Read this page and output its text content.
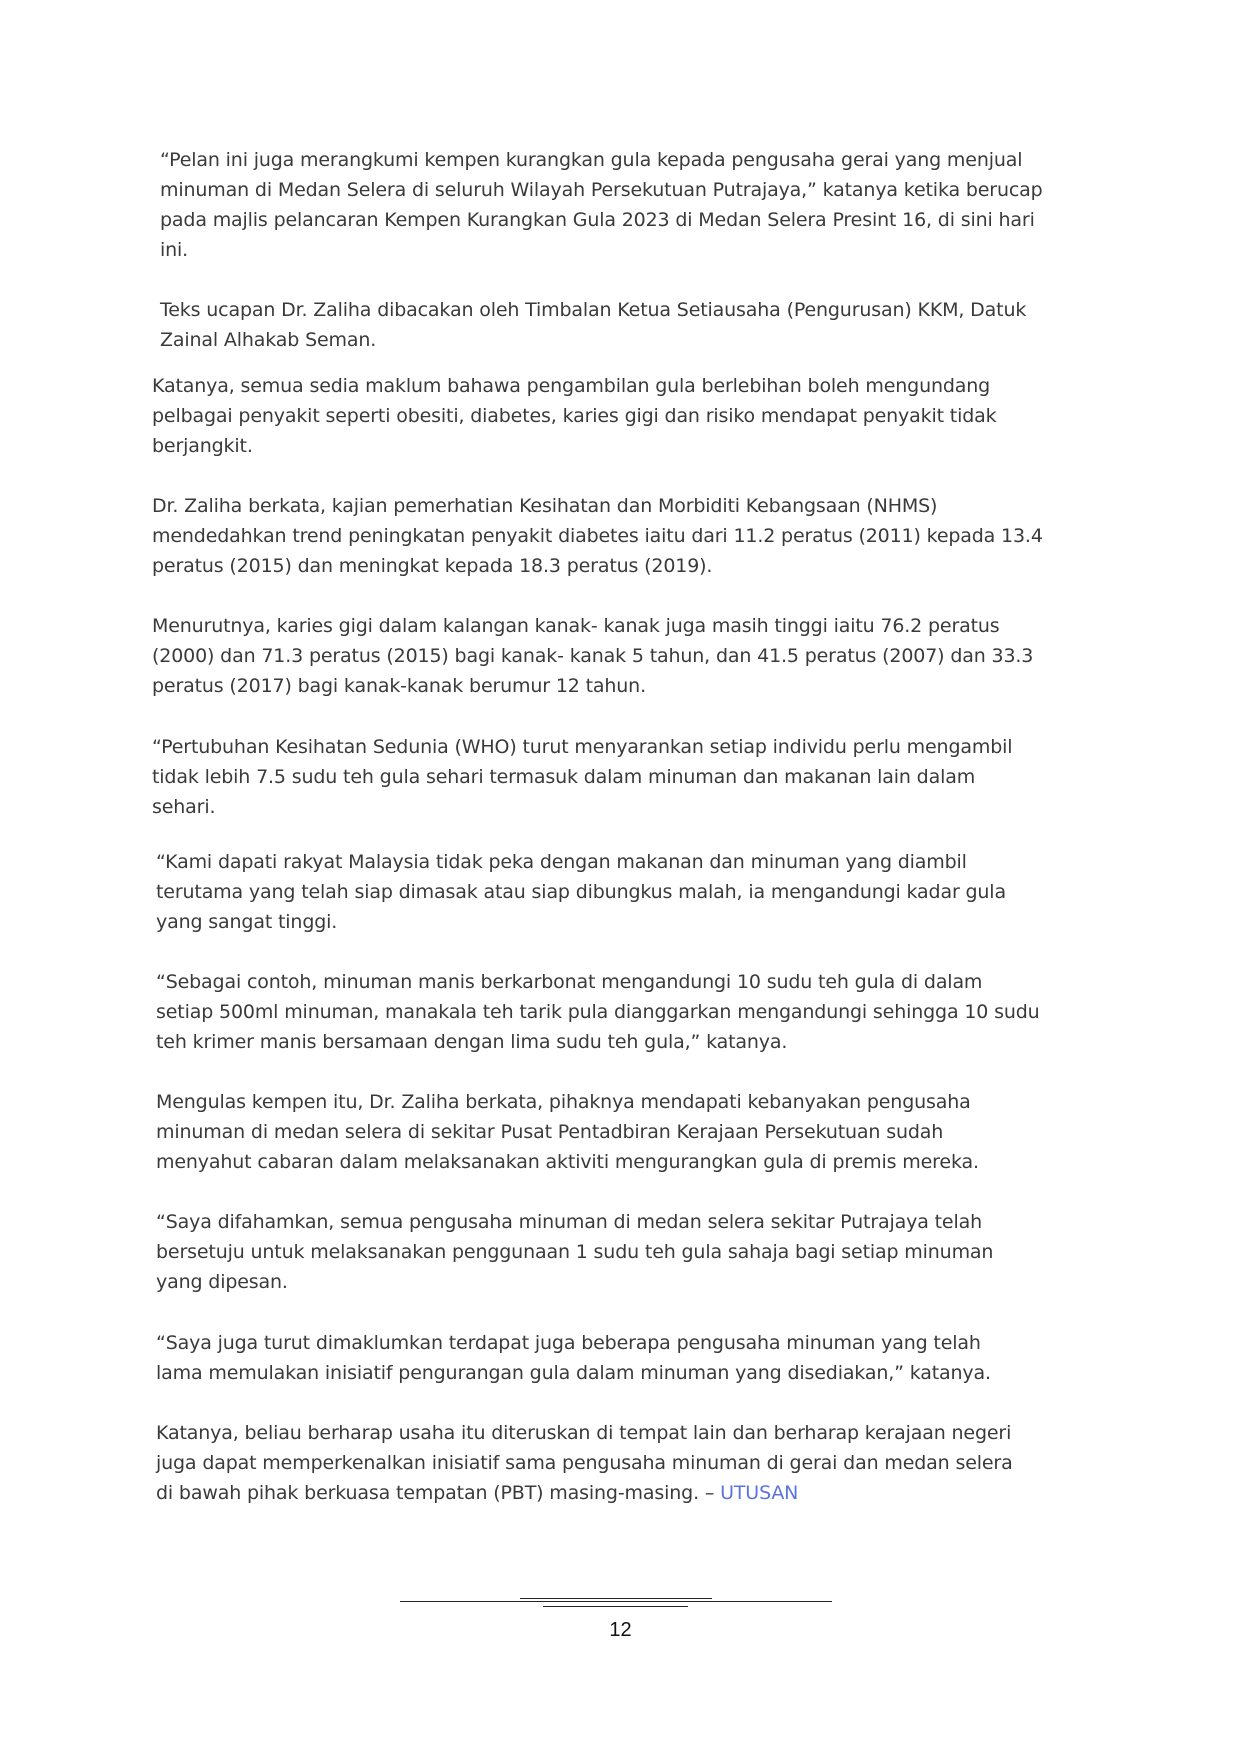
“Pelan ini juga merangkumi kempen kurangkan gula kepada pengusaha gerai yang menjual
minuman di Medan Selera di seluruh Wilayah Persekutuan Putrajaya,” katanya ketika berucap
pada majlis pelancaran Kempen Kurangkan Gula 2023 di Medan Selera Presint 16, di sini hari
ini.

Teks ucapan Dr. Zaliha dibacakan oleh Timbalan Ketua Setiausaha (Pengurusan) KKM, Datuk
Zainal Alhakab Seman.

Katanya, semua sedia maklum bahawa pengambilan gula berlebihan boleh mengundang
pelbagai penyakit seperti obesiti, diabetes, karies gigi dan risiko mendapat penyakit tidak
berjangkit.

Dr. Zaliha berkata, kajian pemerhatian Kesihatan dan Morbiditi Kebangsaan (NHMS)
mendedahkan trend peningkatan penyakit diabetes iaitu dari 11.2 peratus (2011) kepada 13.4
peratus (2015) dan meningkat kepada 18.3 peratus (2019).

Menurutnya, karies gigi dalam kalangan kanak- kanak juga masih tinggi iaitu 76.2 peratus
(2000) dan 71.3 peratus (2015) bagi kanak- kanak 5 tahun, dan 41.5 peratus (2007) dan 33.3
peratus (2017) bagi kanak-kanak berumur 12 tahun.

“Pertubuhan Kesihatan Sedunia (WHO) turut menyarankan setiap individu perlu mengambil
tidak lebih 7.5 sudu teh gula sehari termasuk dalam minuman dan makanan lain dalam
sehari.

“Kami dapati rakyat Malaysia tidak peka dengan makanan dan minuman yang diambil
terutama yang telah siap dimasak atau siap dibungkus malah, ia mengandungi kadar gula
yang sangat tinggi.

“Sebagai contoh, minuman manis berkarbonat mengandungi 10 sudu teh gula di dalam
setiap 500ml minuman, manakala teh tarik pula dianggarkan mengandungi sehingga 10 sudu
teh krimer manis bersamaan dengan lima sudu teh gula,” katanya.

Mengulas kempen itu, Dr. Zaliha berkata, pihaknya mendapati kebanyakan pengusaha
minuman di medan selera di sekitar Pusat Pentadbiran Kerajaan Persekutuan sudah
menyahut cabaran dalam melaksanakan aktiviti mengurangkan gula di premis mereka.

“Saya difahamkan, semua pengusaha minuman di medan selera sekitar Putrajaya telah
bersetuju untuk melaksanakan penggunaan 1 sudu teh gula sahaja bagi setiap minuman
yang dipesan.

“Saya juga turut dimaklumkan terdapat juga beberapa pengusaha minuman yang telah
lama memulakan inisiatif pengurangan gula dalam minuman yang disediakan,” katanya.

Katanya, beliau berharap usaha itu diteruskan di tempat lain dan berharap kerajaan negeri
juga dapat memperkenalkan inisiatif sama pengusaha minuman di gerai dan medan selera
di bawah pihak berkuasa tempatan (PBT) masing-masing. – UTUSAN

12
